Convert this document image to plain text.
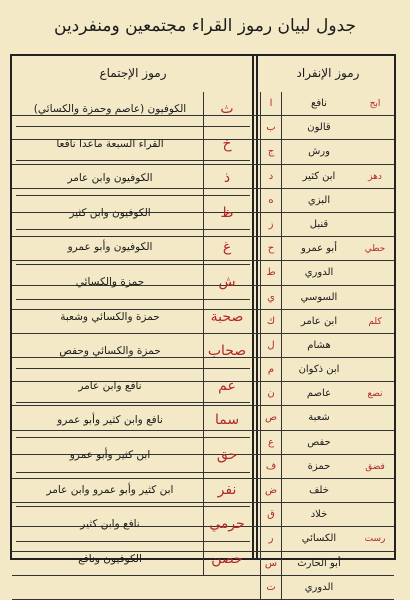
جدول لبيان رموز القراء مجتمعين ومنفردين
رموز الإنفراد
رموز الإجتماع
ابج
نافع
ا
قالون
ب
ورش
ج
دهز
ابن كثير
د
البزي
ه
قنبل
ز
حطي
أبو عمرو
ح
الدوري
ط
السوسي
ي
كلم
ابن عامر
ك
هشام
ل
ابن ذكوان
م
نصع
عاصم
ن
شعبة
ص
حفص
ع
فضق
حمزة
ف
خلف
ض
خلاد
ق
رست
الكسائي
ر
أبو الحارث
س
الدوري
ت
ث
الكوفيون (عاصم وحمزة والكسائي)
خ
القراء السبعة ماعدا نافعا
ذ
الكوفيون وابن عامر
ظ
الكوفيون وابن كثير
غ
الكوفيون وأبو عمرو
ش
حمزة والكسائي
صحبة
حمزة والكسائي وشعبة
صحاب
حمزة والكسائي وحفص
عم
نافع وابن عامر
سما
نافع وابن كثير وأبو عمرو
حق
ابن كثير وأبو عمرو
نفر
ابن كثير وأبو عمرو وابن عامر
حرمي
نافع وابن كثير
حصن
الكوفيون ونافع
